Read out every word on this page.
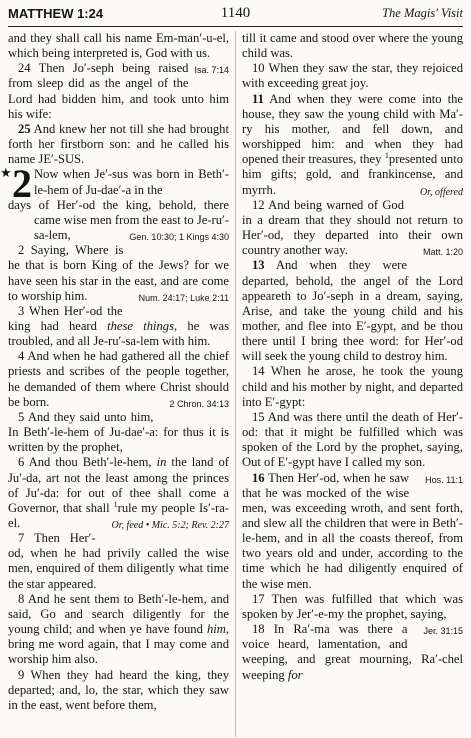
MATTHEW 1:24	1140	The Magis' Visit

and they shall call his name Em-man′-u-el, which being interpreted is, God with us.
Isa. 7:14

24 Then Jo′-seph being raised from sleep did as the angel of the Lord had bidden him, and took unto him his wife:

25 And knew her not till she had brought forth her firstborn son: and he called his name JE′-SUS.

★ 2 Now when Je′-sus was born in Beth′-le-hem of Ju-dae′-a in the
days of Her′-od the king, behold, there came wise men from the east to Je-ru′-sa-lem,	Gen. 10:30; 1 Kings 4:30

2 Saying, Where is he that is born King of the Jews? for we have seen his star in the east, and are come to worship him.	Num. 24:17; Luke 2:11

3 When Her′-od the king had heard these things, he was troubled, and all Je-ru′-sa-lem with him.

4 And when he had gathered all the chief priests and scribes of the people together, he demanded of them where Christ should be born.	2 Chron. 34:13

5 And they said unto him, In Beth′-le-hem of Ju-dae′-a: for thus it is written by the prophet,

6 And thou Beth′-le-hem, in the land of Ju′-da, art not the least among the princes of Ju′-da: for out of thee shall come a Governor, that shall $^1$rule my people Is′-ra-el.	Or, feed • Mic. 5:2; Rev. 2:27

7 Then Her′-od, when he had privily called the wise men, enquired of them diligently what time the star appeared.

8 And he sent them to Beth′-le-hem, and said, Go and search diligently for the young child; and when ye have found him, bring me word again, that I may come and worship him also.

9 When they had heard the king, they departed; and, lo, the star, which they saw in the east, went before them,

till it came and stood over where the young child was.

10 When they saw the star, they rejoiced with exceeding great joy.

11 And when they were come into the house, they saw the young child with Ma′-ry his mother, and fell down, and worshipped him: and when they had opened their treasures, they $^1$presented unto him gifts; gold, and frankincense, and myrrh.	Or, offered

12 And being warned of God in a dream that they should not return to Her′-od, they departed into their own country another way.	Matt. 1:20

13 And when they were departed, behold, the angel of the Lord appeareth to Jo′-seph in a dream, saying, Arise, and take the young child and his mother, and flee into E′-gypt, and be thou there until I bring thee word: for Her′-od will seek the young child to destroy him.

14 When he arose, he took the young child and his mother by night, and departed into E′-gypt:

15 And was there until the death of Her′-od: that it might be fulfilled which was spoken of the Lord by the prophet, saying, Out of E′-gypt have I called my son.
Hos. 11:1

16 Then Her′-od, when he saw that he was mocked of the wise men, was exceeding wroth, and sent forth, and slew all the children that were in Beth′-le-hem, and in all the coasts thereof, from two years old and under, according to the time which he had diligently enquired of the wise men.

17 Then was fulfilled that which was spoken by Jer′-e-my the prophet, saying,
Jer. 31:15

18 In Ra′-ma was there a voice heard, lamentation, and weeping, and great mourning, Ra′-chel weeping for
